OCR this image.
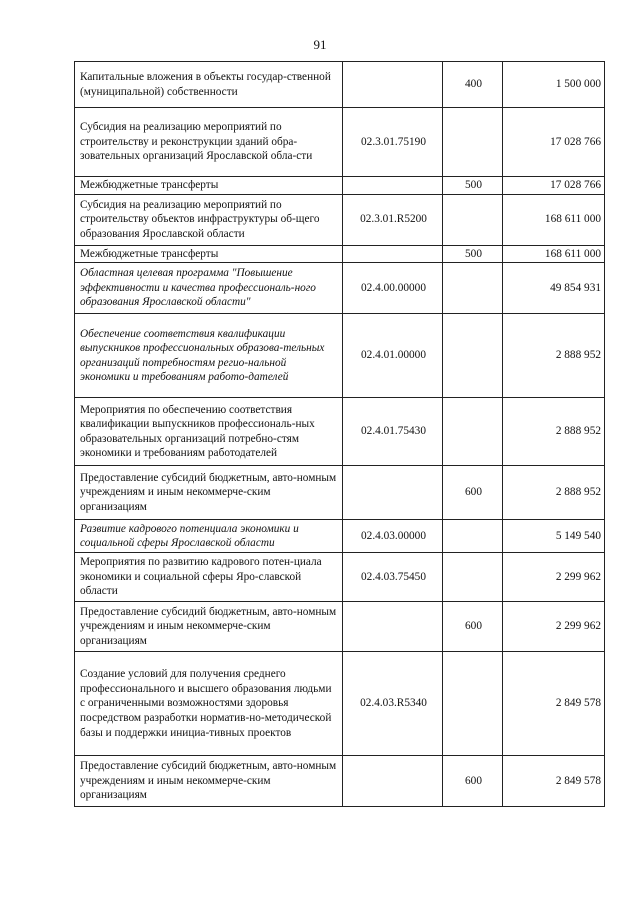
91
Капитальные вложения в объекты государ-ственной (муниципальной) собственности		400	1 500 000
Субсидия на реализацию мероприятий по строительству и реконструкции зданий обра-зовательных организаций Ярославской обла-сти	02.3.01.75190		17 028 766
Межбюджетные трансферты		500	17 028 766
Субсидия на реализацию мероприятий по строительству объектов инфраструктуры об-щего образования Ярославской области	02.3.01.R5200		168 611 000
Межбюджетные трансферты		500	168 611 000
Областная целевая программа "Повышение эффективности и качества профессиональ-ного образования Ярославской области"	02.4.00.00000		49 854 931
Обеспечение соответствия квалификации выпускников профессиональных образова-тельных организаций потребностям регио-нальной экономики и требованиям работо-дателей	02.4.01.00000		2 888 952
Мероприятия по обеспечению соответствия квалификации выпускников профессиональ-ных образовательных организаций потребно-стям экономики и требованиям работодателей	02.4.01.75430		2 888 952
Предоставление субсидий бюджетным, авто-номным учреждениям и иным некоммерче-ским организациям		600	2 888 952
Развитие кадрового потенциала экономики и социальной сферы Ярославской области	02.4.03.00000		5 149 540
Мероприятия по развитию кадрового потен-циала экономики и социальной сферы Яро-славской области	02.4.03.75450		2 299 962
Предоставление субсидий бюджетным, авто-номным учреждениям и иным некоммерче-ским организациям		600	2 299 962
Создание условий для получения среднего профессионального и высшего образования людьми с ограниченными возможностями здоровья посредством разработки норматив-но-методической базы и поддержки инициа-тивных проектов	02.4.03.R5340		2 849 578
Предоставление субсидий бюджетным, авто-номным учреждениям и иным некоммерче-ским организациям		600	2 849 578
